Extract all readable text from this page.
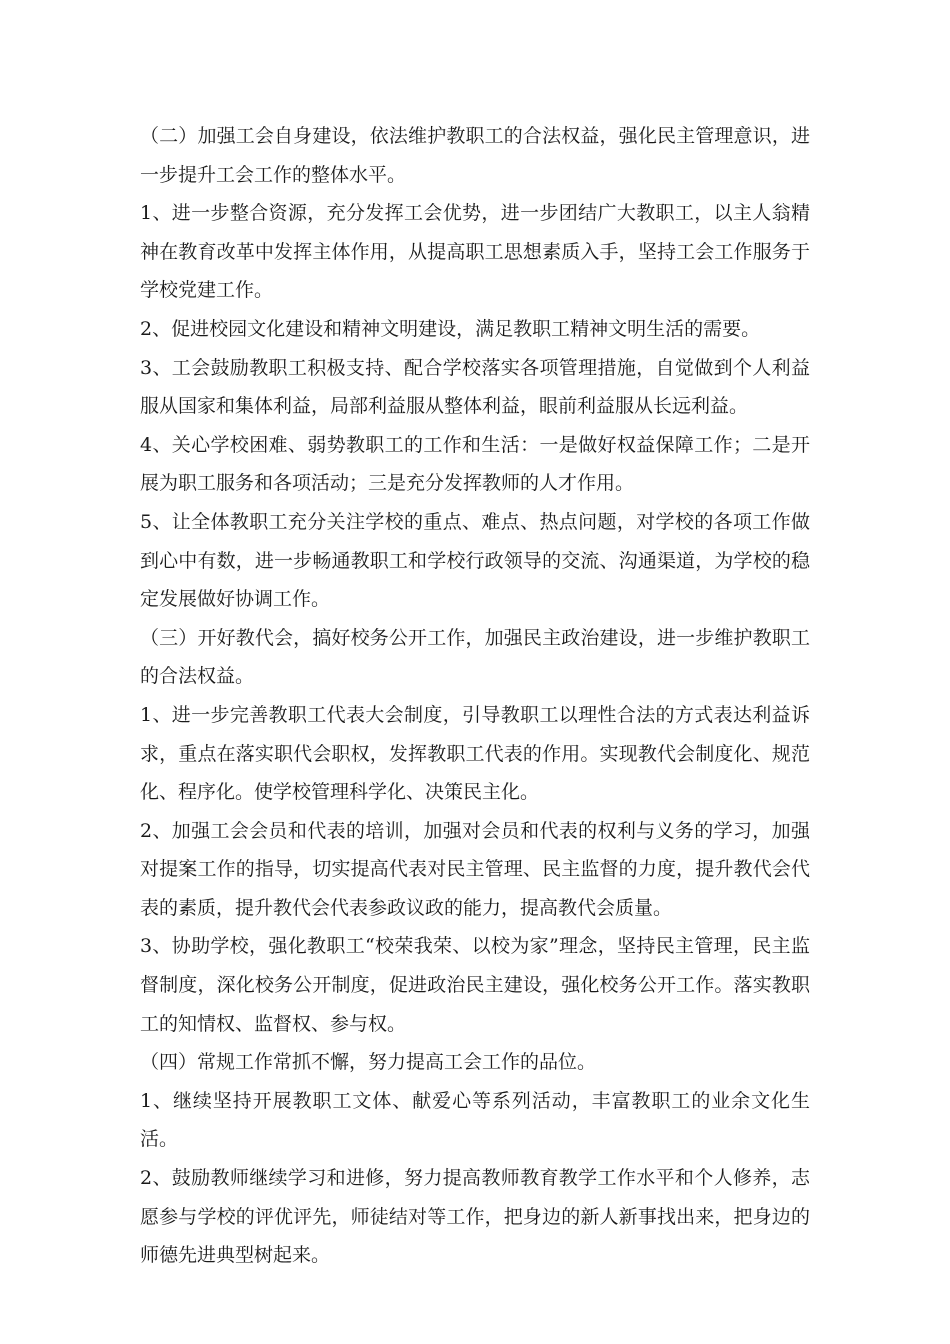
（二）加强工会自身建设，依法维护教职工的合法权益，强化民主管理意识，进一步提升工会工作的整体水平。

1、进一步整合资源，充分发挥工会优势，进一步团结广大教职工，以主人翁精神在教育改革中发挥主体作用，从提高职工思想素质入手，坚持工会工作服务于学校党建工作。

2、促进校园文化建设和精神文明建设，满足教职工精神文明生活的需要。

3、工会鼓励教职工积极支持、配合学校落实各项管理措施，自觉做到个人利益服从国家和集体利益，局部利益服从整体利益，眼前利益服从长远利益。

4、关心学校困难、弱势教职工的工作和生活：一是做好权益保障工作；二是开展为职工服务和各项活动；三是充分发挥教师的人才作用。

5、让全体教职工充分关注学校的重点、难点、热点问题，对学校的各项工作做到心中有数，进一步畅通教职工和学校行政领导的交流、沟通渠道，为学校的稳定发展做好协调工作。

（三）开好教代会，搞好校务公开工作，加强民主政治建设，进一步维护教职工的合法权益。

1、进一步完善教职工代表大会制度，引导教职工以理性合法的方式表达利益诉求，重点在落实职代会职权，发挥教职工代表的作用。实现教代会制度化、规范化、程序化。使学校管理科学化、决策民主化。

2、加强工会会员和代表的培训，加强对会员和代表的权利与义务的学习，加强对提案工作的指导，切实提高代表对民主管理、民主监督的力度，提升教代会代表的素质，提升教代会代表参政议政的能力，提高教代会质量。

3、协助学校，强化教职工“校荣我荣、以校为家”理念，坚持民主管理，民主监督制度，深化校务公开制度，促进政治民主建设，强化校务公开工作。落实教职工的知情权、监督权、参与权。

（四）常规工作常抓不懈，努力提高工会工作的品位。

1、继续坚持开展教职工文体、献爱心等系列活动，丰富教职工的业余文化生活。

2、鼓励教师继续学习和进修，努力提高教师教育教学工作水平和个人修养，志愿参与学校的评优评先，师徒结对等工作，把身边的新人新事找出来，把身边的师德先进典型树起来。
